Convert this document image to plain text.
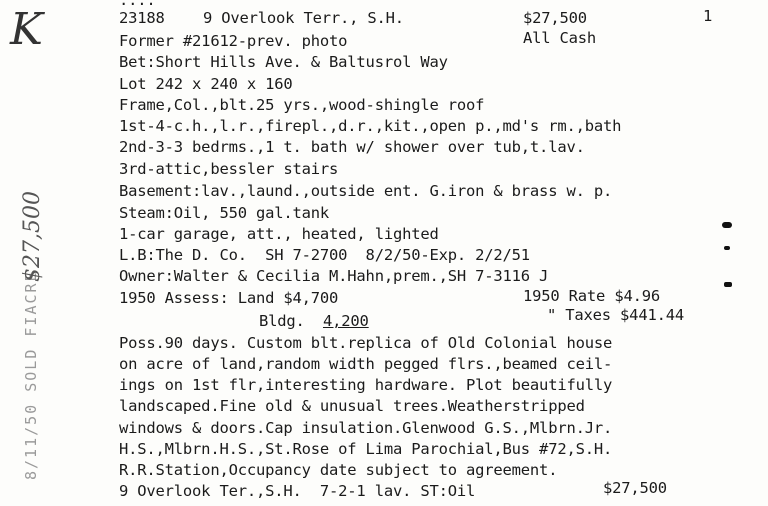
K	1
8/11/50 SOLD FIACRE
$27,500
....
23188 9 Overlook Terr., S.H.	$27,500
All Cash
Former #21612-prev. photo
Bet:Short Hills Ave. & Baltusrol Way
Lot 242 x 240 x 160
Frame,Col.,blt.25 yrs.,wood-shingle roof
1st-4-c.h.,l.r.,firepl.,d.r.,kit.,open p.,md's rm.,bath
2nd-3-3 bedrms.,1 t. bath w/ shower over tub,t.lav.
3rd-attic,bessler stairs
Basement:lav.,laund.,outside ent. G.iron & brass w. p.
Steam:Oil, 550 gal.tank
1-car garage, att., heated, lighted
L.B:The D. Co.  SH 7-2700  8/2/50-Exp. 2/2/51
Owner:Walter & Cecilia M.Hahn,prem.,SH 7-3116 J
1950 Assess: Land $4,700	1950 Rate $4.96
Bldg. 4,200	" Taxes $441.44
Poss.90 days. Custom blt.replica of Old Colonial house
on acre of land,random width pegged flrs.,beamed ceil-
ings on 1st flr,interesting hardware. Plot beautifully
landscaped.Fine old & unusual trees.Weatherstripped
windows & doors.Cap insulation.Glenwood G.S.,Mlbrn.Jr.
H.S.,Mlbrn.H.S.,St.Rose of Lima Parochial,Bus #72,S.H.
R.R.Station,Occupancy date subject to agreement.
9 Overlook Ter.,S.H.  7-2-1 lav. ST:Oil	$27,500
